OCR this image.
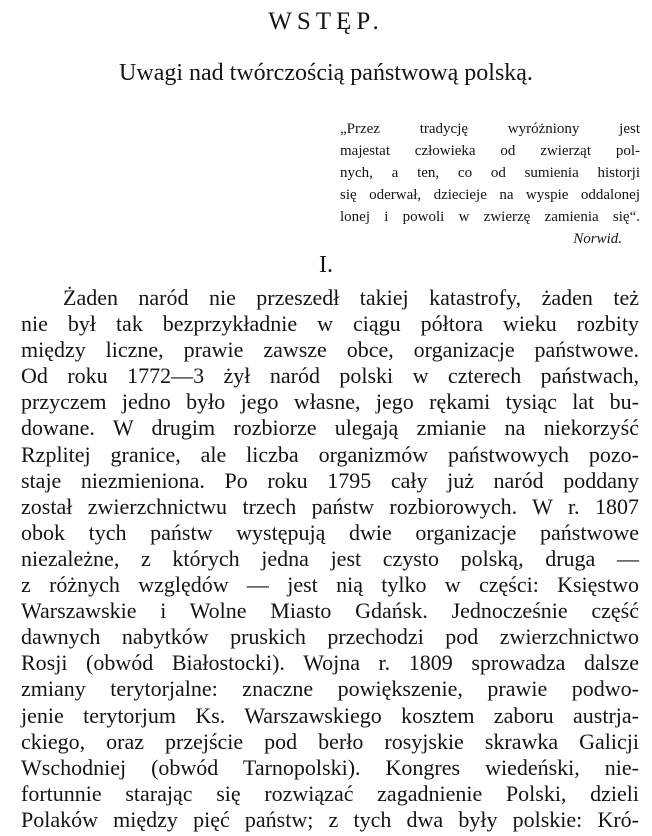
WSTĘP.
Uwagi nad twórczością państwową polską.
„Przez tradycję wyróżniony jest
majestat człowieka od zwierząt pol-
nych, a ten, co od sumienia historji
się oderwał, dziecieje na wyspie oddalonej
lonej i powoli w zwierzę zamienia się“.
Norwid.
I.
Żaden naród nie przeszedł takiej katastrofy, żaden też
nie był tak bezprzykładnie w ciągu półtora wieku rozbity
między liczne, prawie zawsze obce, organizacje państwowe.
Od roku 1772—3 żył naród polski w czterech państwach,
przyczem jedno było jego własne, jego rękami tysiąc lat bu-
dowane. W drugim rozbiorze ulegają zmianie na niekorzyść
Rzplitej granice, ale liczba organizmów państwowych pozo-
staje niezmieniona. Po roku 1795 cały już naród poddany
został zwierzchnictwu trzech państw rozbiorowych. W r. 1807
obok tych państw występują dwie organizacje państwowe
niezależne, z których jedna jest czysto polską, druga —
z różnych względów — jest nią tylko w części: Księstwo
Warszawskie i Wolne Miasto Gdańsk. Jednocześnie część
dawnych nabytków pruskich przechodzi pod zwierzchnictwo
Rosji (obwód Białostocki). Wojna r. 1809 sprowadza dalsze
zmiany terytorjalne: znaczne powiększenie, prawie podwo-
jenie terytorjum Ks. Warszawskiego kosztem zaboru austrja-
ckiego, oraz przejście pod berło rosyjskie skrawka Galicji
Wschodniej (obwód Tarnopolski). Kongres wiedeński, nie-
fortunnie starając się rozwiązać zagadnienie Polski, dzieli
Polaków między pięć państw; z tych dwa były polskie: Kró-
